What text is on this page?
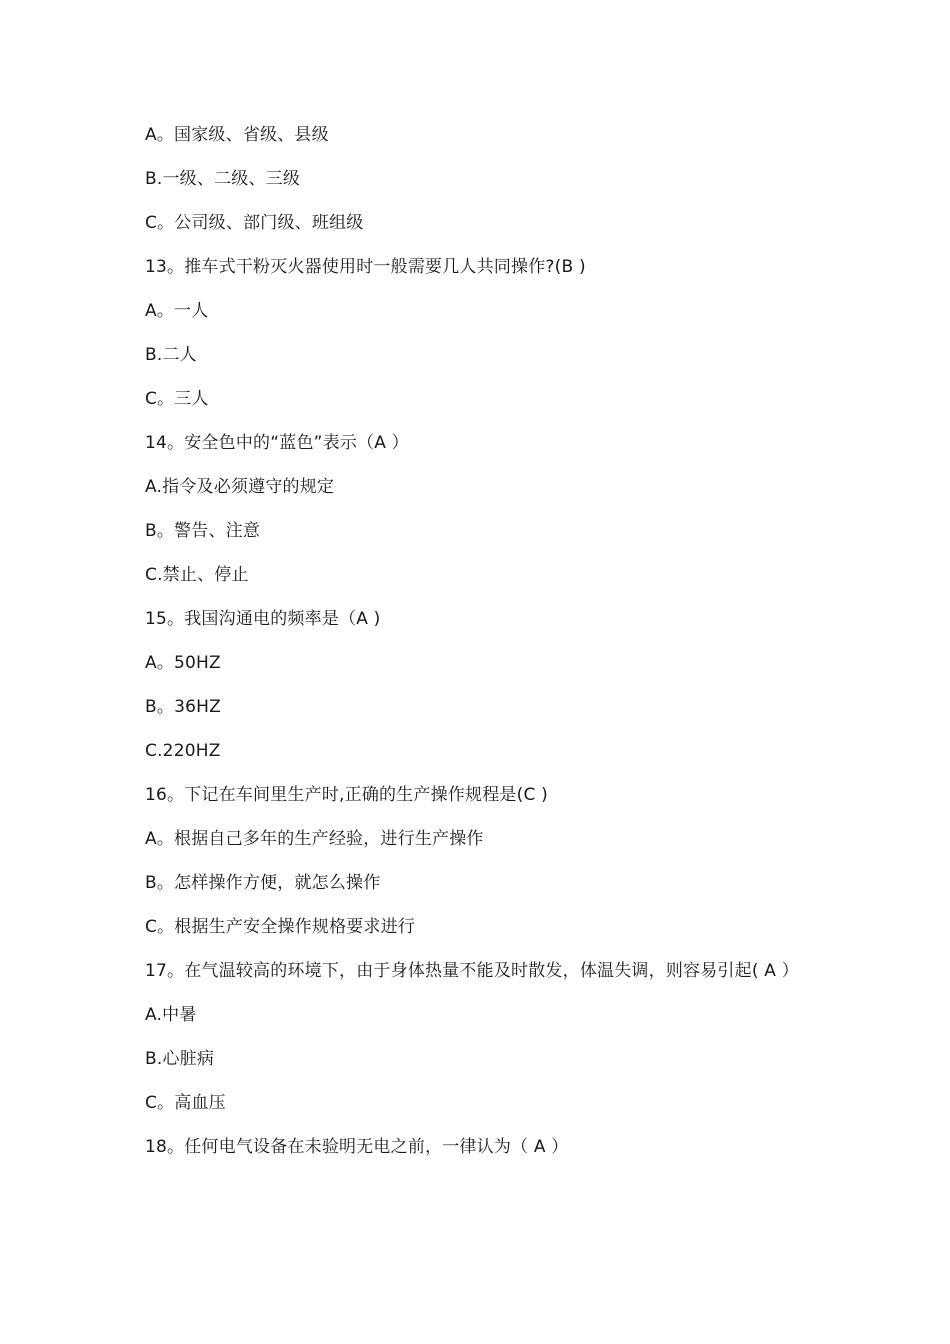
A。国家级、省级、县级
B.一级、二级、三级
C。公司级、部门级、班组级
13。推车式干粉灭火器使用时一般需要几人共同操作?(B )
A。一人
B.二人
C。三人
14。安全色中的“蓝色”表示（A ）
A.指令及必须遵守的规定
B。警告、注意
C.禁止、停止
15。我国沟通电的频率是（A )
A。50HZ
B。36HZ
C.220HZ
16。下记在车间里生产时,正确的生产操作规程是(C )
A。根据自己多年的生产经验，进行生产操作
B。怎样操作方便，就怎么操作
C。根据生产安全操作规格要求进行
17。在气温较高的环境下，由于身体热量不能及时散发，体温失调，则容易引起( A ）
A.中暑
B.心脏病
C。高血压
18。任何电气设备在未验明无电之前，一律认为（ A ）
